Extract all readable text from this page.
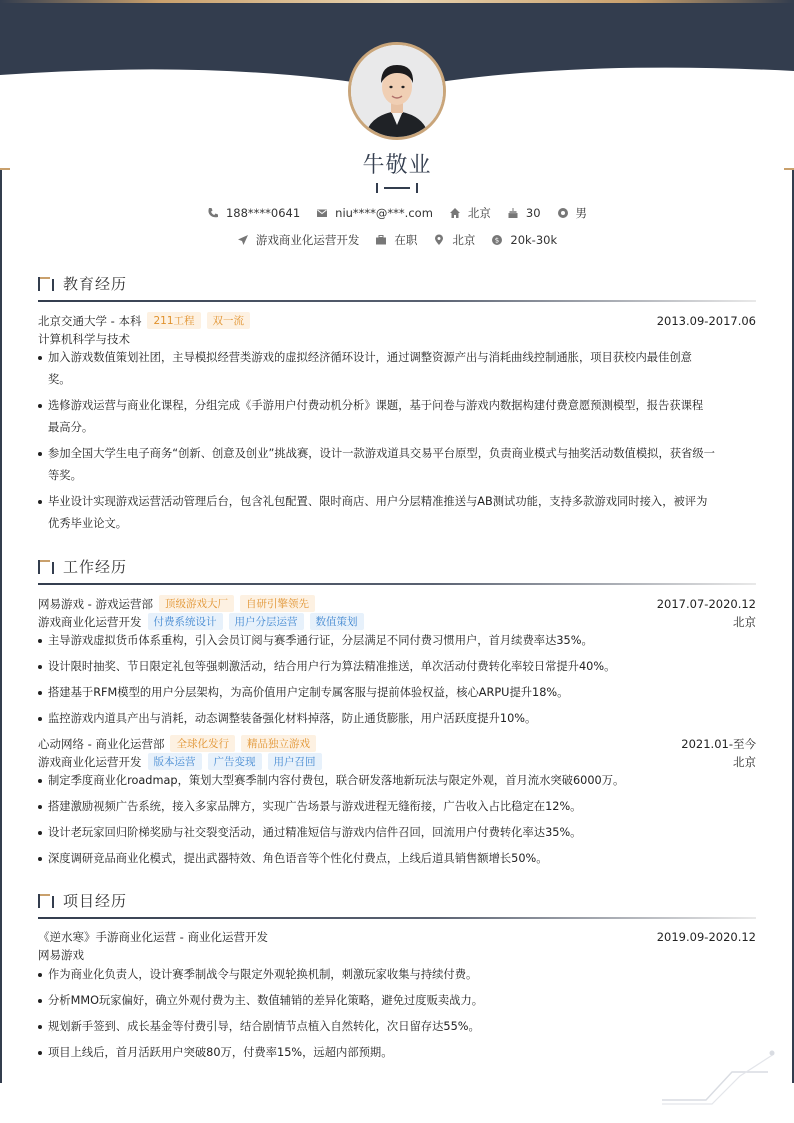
牛敬业
188****0641	niu****@***.com	北京	30	男
游戏商业化运营开发	在职	北京	$ 20k-30k
教育经历
北京交通大学 - 本科	211工程	双一流	2013.09-2017.06
计算机科学与技术
加入游戏数值策划社团，主导模拟经营类游戏的虚拟经济循环设计，通过调整资源产出与消耗曲线控制通胀，项目获校内最佳创意
奖。
选修游戏运营与商业化课程，分组完成《手游用户付费动机分析》课题，基于问卷与游戏内数据构建付费意愿预测模型，报告获课程
最高分。
参加全国大学生电子商务“创新、创意及创业”挑战赛，设计一款游戏道具交易平台原型，负责商业模式与抽奖活动数值模拟，获省级一
等奖。
毕业设计实现游戏运营活动管理后台，包含礼包配置、限时商店、用户分层精准推送与AB测试功能，支持多款游戏同时接入，被评为
优秀毕业论文。
工作经历
网易游戏 - 游戏运营部	顶级游戏大厂	自研引擎领先	2017.07-2020.12
游戏商业化运营开发	付费系统设计	用户分层运营	数值策划	北京
主导游戏虚拟货币体系重构，引入会员订阅与赛季通行证，分层满足不同付费习惯用户，首月续费率达35%。
设计限时抽奖、节日限定礼包等强刺激活动，结合用户行为算法精准推送，单次活动付费转化率较日常提升40%。
搭建基于RFM模型的用户分层架构，为高价值用户定制专属客服与提前体验权益，核心ARPU提升18%。
监控游戏内道具产出与消耗，动态调整装备强化材料掉落，防止通货膨胀，用户活跃度提升10%。
心动网络 - 商业化运营部	全球化发行	精品独立游戏	2021.01-至今
游戏商业化运营开发	版本运营	广告变现	用户召回	北京
制定季度商业化roadmap，策划大型赛季制内容付费包，联合研发落地新玩法与限定外观，首月流水突破6000万。
搭建激励视频广告系统，接入多家品牌方，实现广告场景与游戏进程无缝衔接，广告收入占比稳定在12%。
设计老玩家回归阶梯奖励与社交裂变活动，通过精准短信与游戏内信件召回，回流用户付费转化率达35%。
深度调研竞品商业化模式，提出武器特效、角色语音等个性化付费点，上线后道具销售额增长50%。
项目经历
《逆水寒》手游商业化运营 - 商业化运营开发	2019.09-2020.12
网易游戏
作为商业化负责人，设计赛季制战令与限定外观轮换机制，刺激玩家收集与持续付费。
分析MMO玩家偏好，确立外观付费为主、数值辅销的差异化策略，避免过度贩卖战力。
规划新手签到、成长基金等付费引导，结合剧情节点植入自然转化，次日留存达55%。
项目上线后，首月活跃用户突破80万，付费率15%，远超内部预期。
